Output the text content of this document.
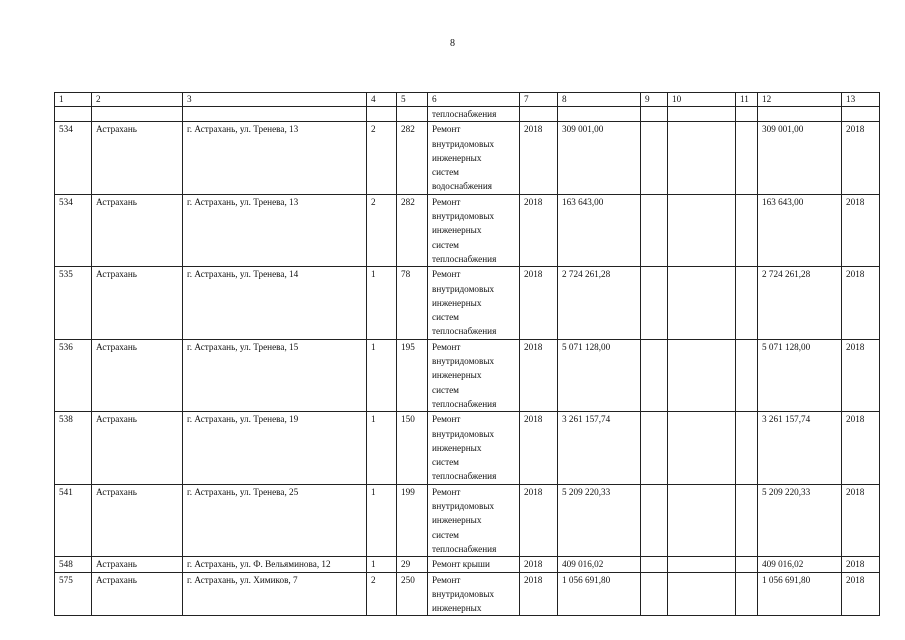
8
1	2	3	4	5	6	7	8	9	10	11	12	13

					теплоснабжения							

534	Астрахань	г. Астрахань, ул. Тренева, 13	2	282	Ремонт
внутридомовых
инженерных
систем
водоснабжения	2018	309 001,00				309 001,00	2018

534	Астрахань	г. Астрахань, ул. Тренева, 13	2	282	Ремонт
внутридомовых
инженерных
систем
теплоснабжения	2018	163 643,00				163 643,00	2018

535	Астрахань	г. Астрахань, ул. Тренева, 14	1	78	Ремонт
внутридомовых
инженерных
систем
теплоснабжения	2018	2 724 261,28				2 724 261,28	2018

536	Астрахань	г. Астрахань, ул. Тренева, 15	1	195	Ремонт
внутридомовых
инженерных
систем
теплоснабжения	2018	5 071 128,00				5 071 128,00	2018

538	Астрахань	г. Астрахань, ул. Тренева, 19	1	150	Ремонт
внутридомовых
инженерных
систем
теплоснабжения	2018	3 261 157,74				3 261 157,74	2018

541	Астрахань	г. Астрахань, ул. Тренева, 25	1	199	Ремонт
внутридомовых
инженерных
систем
теплоснабжения	2018	5 209 220,33				5 209 220,33	2018

548	Астрахань	г. Астрахань, ул. Ф. Вельяминова, 12	1	29	Ремонт крыши	2018	409 016,02				409 016,02	2018

575	Астрахань	г. Астрахань, ул. Химиков, 7	2	250	Ремонт
внутридомовых
инженерных	2018	1 056 691,80				1 056 691,80	2018
